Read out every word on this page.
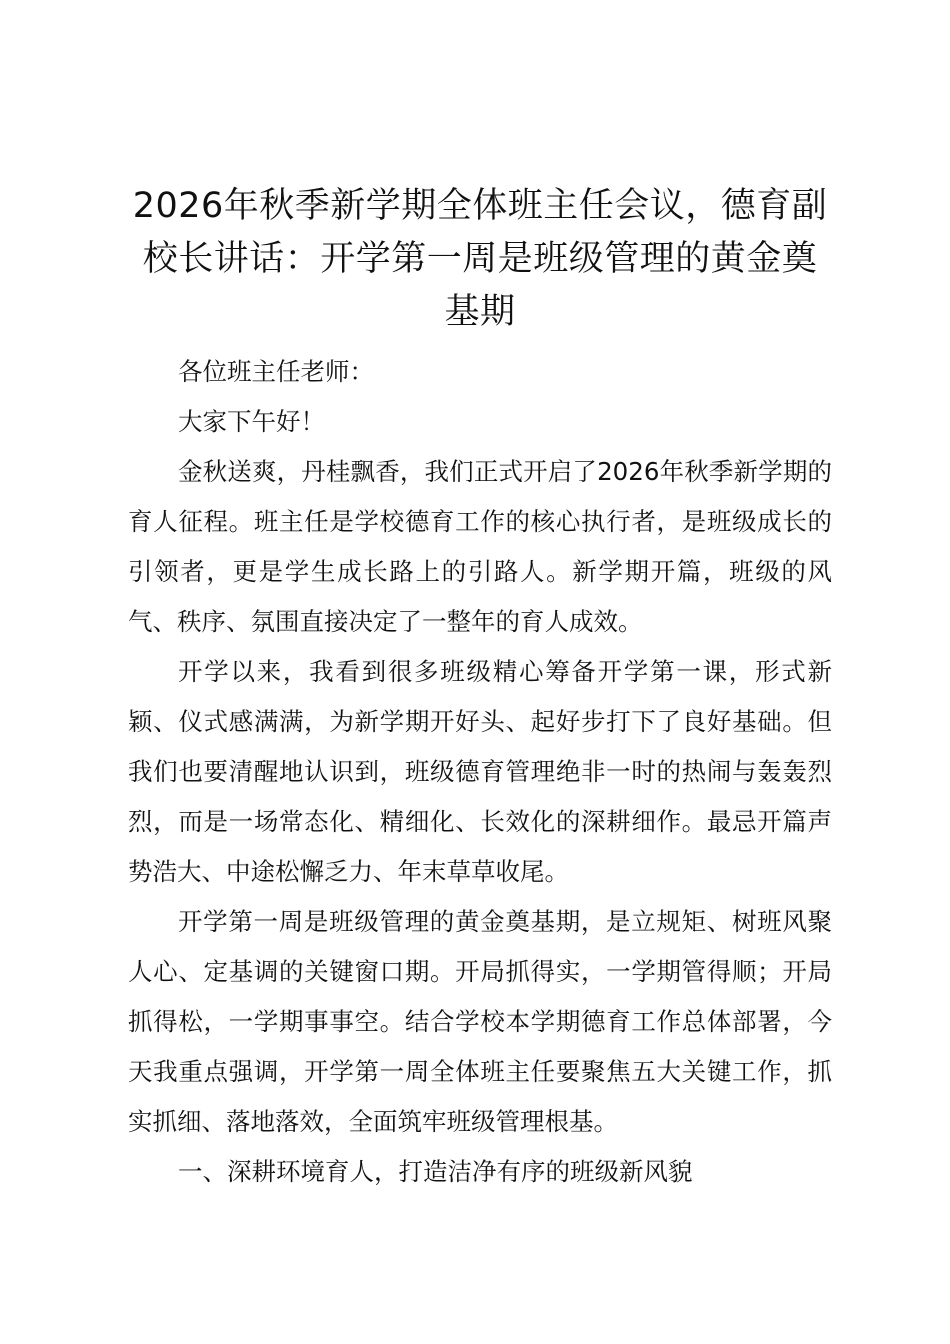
2026年秋季新学期全体班主任会议，德育副校长讲话：开学第一周是班级管理的黄金奠基期

各位班主任老师：

大家下午好！

金秋送爽，丹桂飘香，我们正式开启了2026年秋季新学期的育人征程。班主任是学校德育工作的核心执行者，是班级成长的引领者，更是学生成长路上的引路人。新学期开篇，班级的风气、秩序、氛围直接决定了一整年的育人成效。

开学以来，我看到很多班级精心筹备开学第一课，形式新颖、仪式感满满，为新学期开好头、起好步打下了良好基础。但我们也要清醒地认识到，班级德育管理绝非一时的热闹与轰轰烈烈，而是一场常态化、精细化、长效化的深耕细作。最忌开篇声势浩大、中途松懈乏力、年末草草收尾。

开学第一周是班级管理的黄金奠基期，是立规矩、树班风聚人心、定基调的关键窗口期。开局抓得实，一学期管得顺；开局抓得松，一学期事事空。结合学校本学期德育工作总体部署，今天我重点强调，开学第一周全体班主任要聚焦五大关键工作，抓实抓细、落地落效，全面筑牢班级管理根基。

一、深耕环境育人，打造洁净有序的班级新风貌
